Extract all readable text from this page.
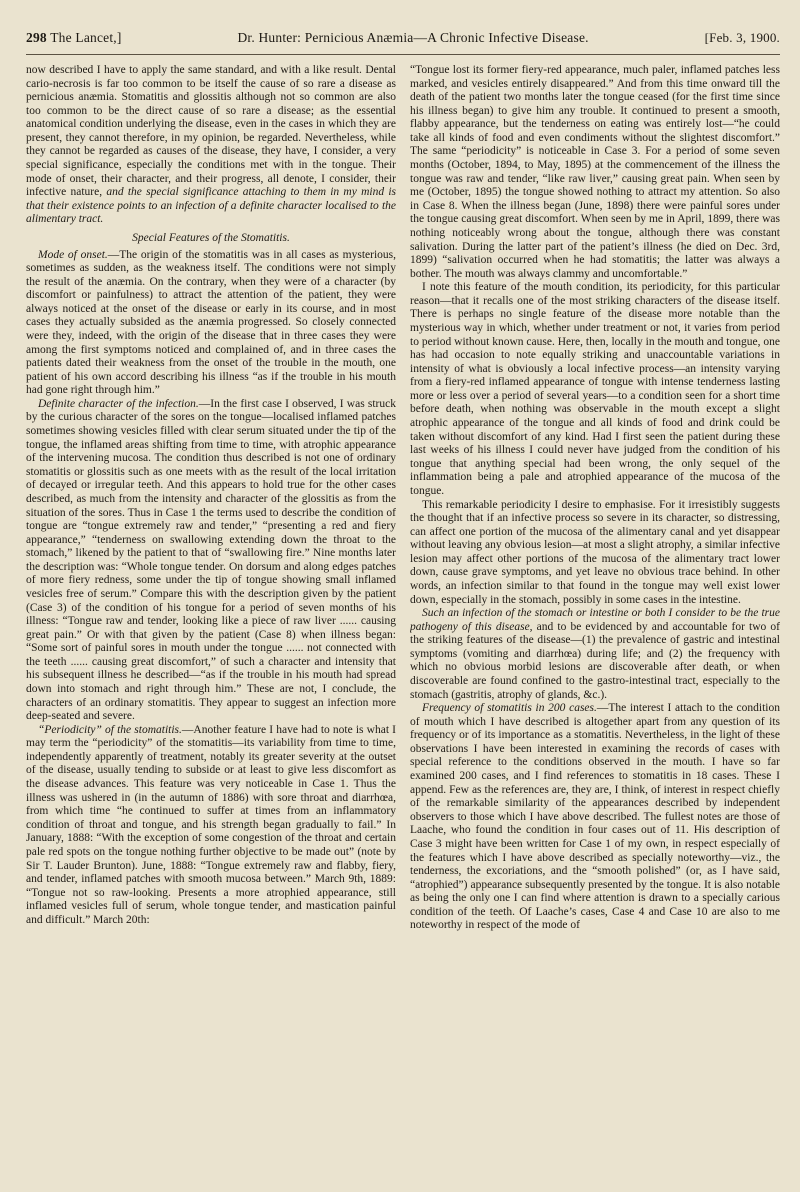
298 The Lancet,]	Dr. Hunter: Pernicious Anæmia—A Chronic Infective Disease.	[Feb. 3, 1900.

now described I have to apply the same standard, and with a like result. Dental cario-necrosis is far too common to be itself the cause of so rare a disease as pernicious anæmia. Stomatitis and glossitis although not so common are also too common to be the direct cause of so rare a disease; as the essential anatomical condition underlying the disease, even in the cases in which they are present, they cannot therefore, in my opinion, be regarded. Nevertheless, while they cannot be regarded as causes of the disease, they have, I consider, a very special significance, especially the conditions met with in the tongue. Their mode of onset, their character, and their progress, all denote, I consider, their infective nature, and the special significance attaching to them in my mind is that their existence points to an infection of a definite character localised to the alimentary tract.

Special Features of the Stomatitis.

Mode of onset.—The origin of the stomatitis was in all cases as mysterious, sometimes as sudden, as the weakness itself. The conditions were not simply the result of the anæmia. On the contrary, when they were of a character (by discomfort or painfulness) to attract the attention of the patient, they were always noticed at the onset of the disease or early in its course, and in most cases they actually subsided as the anæmia progressed. So closely connected were they, indeed, with the origin of the disease that in three cases they were among the first symptoms noticed and complained of, and in three cases the patients dated their weakness from the onset of the trouble in the mouth, one patient of his own accord describing his illness “as if the trouble in his mouth had gone right through him.”

Definite character of the infection.—In the first case I observed, I was struck by the curious character of the sores on the tongue—localised inflamed patches sometimes showing vesicles filled with clear serum situated under the tip of the tongue, the inflamed areas shifting from time to time, with atrophic appearance of the intervening mucosa. The condition thus described is not one of ordinary stomatitis or glossitis such as one meets with as the result of the local irritation of decayed or irregular teeth. And this appears to hold true for the other cases described, as much from the intensity and character of the glossitis as from the situation of the sores. Thus in Case 1 the terms used to describe the condition of tongue are “tongue extremely raw and tender,” “presenting a red and fiery appearance,” “tenderness on swallowing extending down the throat to the stomach,” likened by the patient to that of “swallowing fire.” Nine months later the description was: “Whole tongue tender. On dorsum and along edges patches of more fiery redness, some under the tip of tongue showing small inflamed vesicles free of serum.” Compare this with the description given by the patient (Case 3) of the condition of his tongue for a period of seven months of his illness: “Tongue raw and tender, looking like a piece of raw liver ...... causing great pain.” Or with that given by the patient (Case 8) when illness began: “Some sort of painful sores in mouth under the tongue ...... not connected with the teeth ...... causing great discomfort,” of such a character and intensity that his subsequent illness he described—“as if the trouble in his mouth had spread down into stomach and right through him.” These are not, I conclude, the characters of an ordinary stomatitis. They appear to suggest an infection more deep-seated and severe.

“Periodicity” of the stomatitis.—Another feature I have had to note is what I may term the “periodicity” of the stomatitis—its variability from time to time, independently apparently of treatment, notably its greater severity at the outset of the disease, usually tending to subside or at least to give less discomfort as the disease advances. This feature was very noticeable in Case 1. Thus the illness was ushered in (in the autumn of 1886) with sore throat and diarrhœa, from which time “he continued to suffer at times from an inflammatory condition of throat and tongue, and his strength began gradually to fail.” In January, 1888: “With the exception of some congestion of the throat and certain pale red spots on the tongue nothing further objective to be made out” (note by Sir T. Lauder Brunton). June, 1888: “Tongue extremely raw and flabby, fiery, and tender, inflamed patches with smooth mucosa between.” March 9th, 1889: “Tongue not so raw-looking. Presents a more atrophied appearance, still inflamed vesicles full of serum, whole tongue tender, and mastication painful and difficult.” March 20th:

“Tongue lost its former fiery-red appearance, much paler, inflamed patches less marked, and vesicles entirely disappeared.” And from this time onward till the death of the patient two months later the tongue ceased (for the first time since his illness began) to give him any trouble. It continued to present a smooth, flabby appearance, but the tenderness on eating was entirely lost—“he could take all kinds of food and even condiments without the slightest discomfort.” The same “periodicity” is noticeable in Case 3. For a period of some seven months (October, 1894, to May, 1895) at the commencement of the illness the tongue was raw and tender, “like raw liver,” causing great pain. When seen by me (October, 1895) the tongue showed nothing to attract my attention. So also in Case 8. When the illness began (June, 1898) there were painful sores under the tongue causing great discomfort. When seen by me in April, 1899, there was nothing noticeably wrong about the tongue, although there was constant salivation. During the latter part of the patient’s illness (he died on Dec. 3rd, 1899) “salivation occurred when he had stomatitis; the latter was always a bother. The mouth was always clammy and uncomfortable.”

I note this feature of the mouth condition, its periodicity, for this particular reason—that it recalls one of the most striking characters of the disease itself. There is perhaps no single feature of the disease more notable than the mysterious way in which, whether under treatment or not, it varies from period to period without known cause. Here, then, locally in the mouth and tongue, one has had occasion to note equally striking and unaccountable variations in intensity of what is obviously a local infective process—an intensity varying from a fiery-red inflamed appearance of tongue with intense tenderness lasting more or less over a period of several years—to a condition seen for a short time before death, when nothing was observable in the mouth except a slight atrophic appearance of the tongue and all kinds of food and drink could be taken without discomfort of any kind. Had I first seen the patient during these last weeks of his illness I could never have judged from the condition of his tongue that anything special had been wrong, the only sequel of the inflammation being a pale and atrophied appearance of the mucosa of the tongue.

This remarkable periodicity I desire to emphasise. For it irresistibly suggests the thought that if an infective process so severe in its character, so distressing, can affect one portion of the mucosa of the alimentary canal and yet disappear without leaving any obvious lesion—at most a slight atrophy, a similar infective lesion may affect other portions of the mucosa of the alimentary tract lower down, cause grave symptoms, and yet leave no obvious trace behind. In other words, an infection similar to that found in the tongue may well exist lower down, especially in the stomach, possibly in some cases in the intestine.

Such an infection of the stomach or intestine or both I consider to be the true pathogeny of this disease, and to be evidenced by and accountable for two of the striking features of the disease—(1) the prevalence of gastric and intestinal symptoms (vomiting and diarrhœa) during life; and (2) the frequency with which no obvious morbid lesions are discoverable after death, or when discoverable are found confined to the gastro-intestinal tract, especially to the stomach (gastritis, atrophy of glands, &c.).

Frequency of stomatitis in 200 cases.—The interest I attach to the condition of mouth which I have described is altogether apart from any question of its frequency or of its importance as a stomatitis. Nevertheless, in the light of these observations I have been interested in examining the records of cases with special reference to the conditions observed in the mouth. I have so far examined 200 cases, and I find references to stomatitis in 18 cases. These I append. Few as the references are, they are, I think, of interest in respect chiefly of the remarkable similarity of the appearances described by independent observers to those which I have above described. The fullest notes are those of Laache, who found the condition in four cases out of 11. His description of Case 3 might have been written for Case 1 of my own, in respect especially of the features which I have above described as specially noteworthy—viz., the tenderness, the excoriations, and the “smooth polished” (or, as I have said, “atrophied”) appearance subsequently presented by the tongue. It is also notable as being the only one I can find where attention is drawn to a specially carious condition of the teeth. Of Laache’s cases, Case 4 and Case 10 are also to me noteworthy in respect of the mode of
